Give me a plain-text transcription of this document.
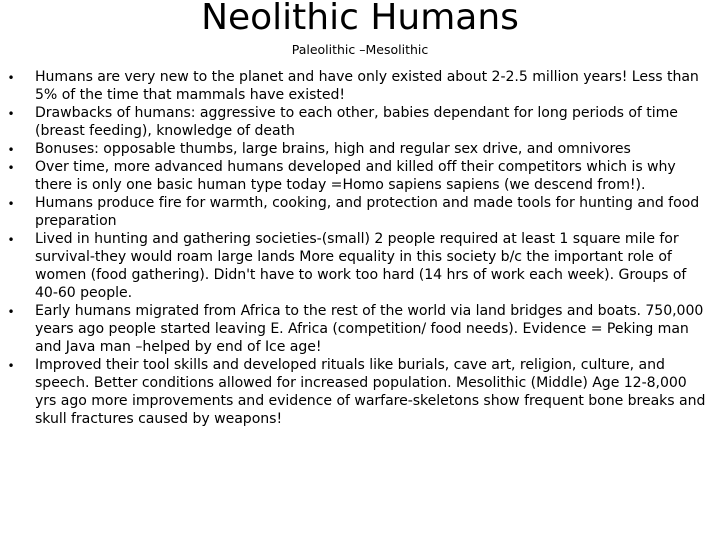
Neolithic Humans
Paleolithic –Mesolithic
• Humans are very new to the planet and have only existed about 2-2.5 million years! Less than 5% of the time that mammals have existed!
• Drawbacks of humans: aggressive to each other, babies dependant for long periods of time (breast feeding), knowledge of death
• Bonuses: opposable thumbs, large brains, high and regular sex drive, and omnivores
• Over time, more advanced humans developed and killed off their competitors which is why there is only one basic human type today =Homo sapiens sapiens (we descend from!).
• Humans produce fire for warmth, cooking, and protection and made tools for hunting and food preparation
• Lived in hunting and gathering societies-(small) 2 people required at least 1 square mile for survival-they would roam large lands More equality in this society b/c the important role of women (food gathering). Didn't have to work too hard (14 hrs of work each week). Groups of 40-60 people.
• Early humans migrated from Africa to the rest of the world via land bridges and boats. 750,000 years ago people started leaving E. Africa (competition/ food needs). Evidence = Peking man and Java man –helped by end of Ice age!
• Improved their tool skills and developed rituals like burials, cave art, religion, culture, and speech. Better conditions allowed for increased population. Mesolithic (Middle) Age 12-8,000 yrs ago more improvements and evidence of warfare-skeletons show frequent bone breaks and skull fractures caused by weapons!
